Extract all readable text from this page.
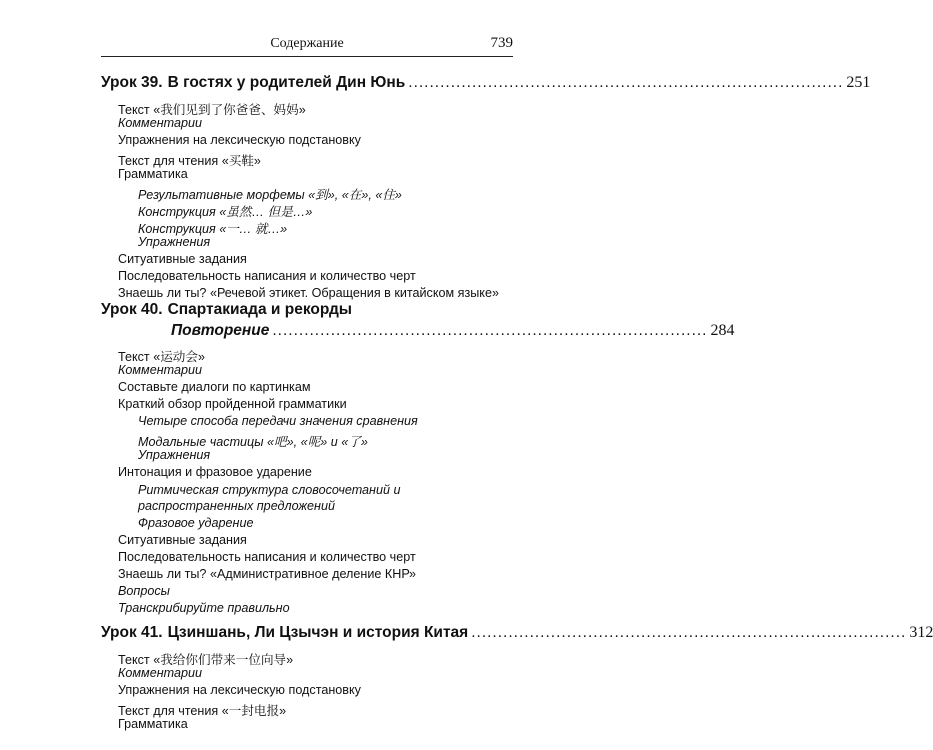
Содержание	739
Урок 39. В гостях у родителей Дин Юнь .................................................................................. 251
Текст «我们见到了你爸爸、妈妈»
Комментарии
Упражнения на лексическую подстановку
Текст для чтения «买鞋»
Грамматика
Результативные морфемы «到», «在», «住»
Конструкция «虽然… 但是…»
Конструкция «一… 就…»
Упражнения
Ситуативные задания
Последовательность написания и количество черт
Знаешь ли ты? «Речевой этикет. Обращения в китайском языке»
Урок 40. Спартакиада и рекорды
Повторение .................................................................................. 284
Текст «运动会»
Комментарии
Составьте диалоги по картинкам
Краткий обзор пройденной грамматики
Четыре способа передачи значения сравнения
Модальные частицы «吧», «呢» и «了»
Упражнения
Интонация и фразовое ударение
Ритмическая структура словосочетаний и распространенных предложений
Фразовое ударение
Ситуативные задания
Последовательность написания и количество черт
Знаешь ли ты? «Административное деление КНР»
Вопросы
Транскрибируйте правильно
Урок 41. Цзиншань, Ли Цзычэн и история Китая .................................................................................. 312
Текст «我给你们带来一位向导»
Комментарии
Упражнения на лексическую подстановку
Текст для чтения «一封电报»
Грамматика
